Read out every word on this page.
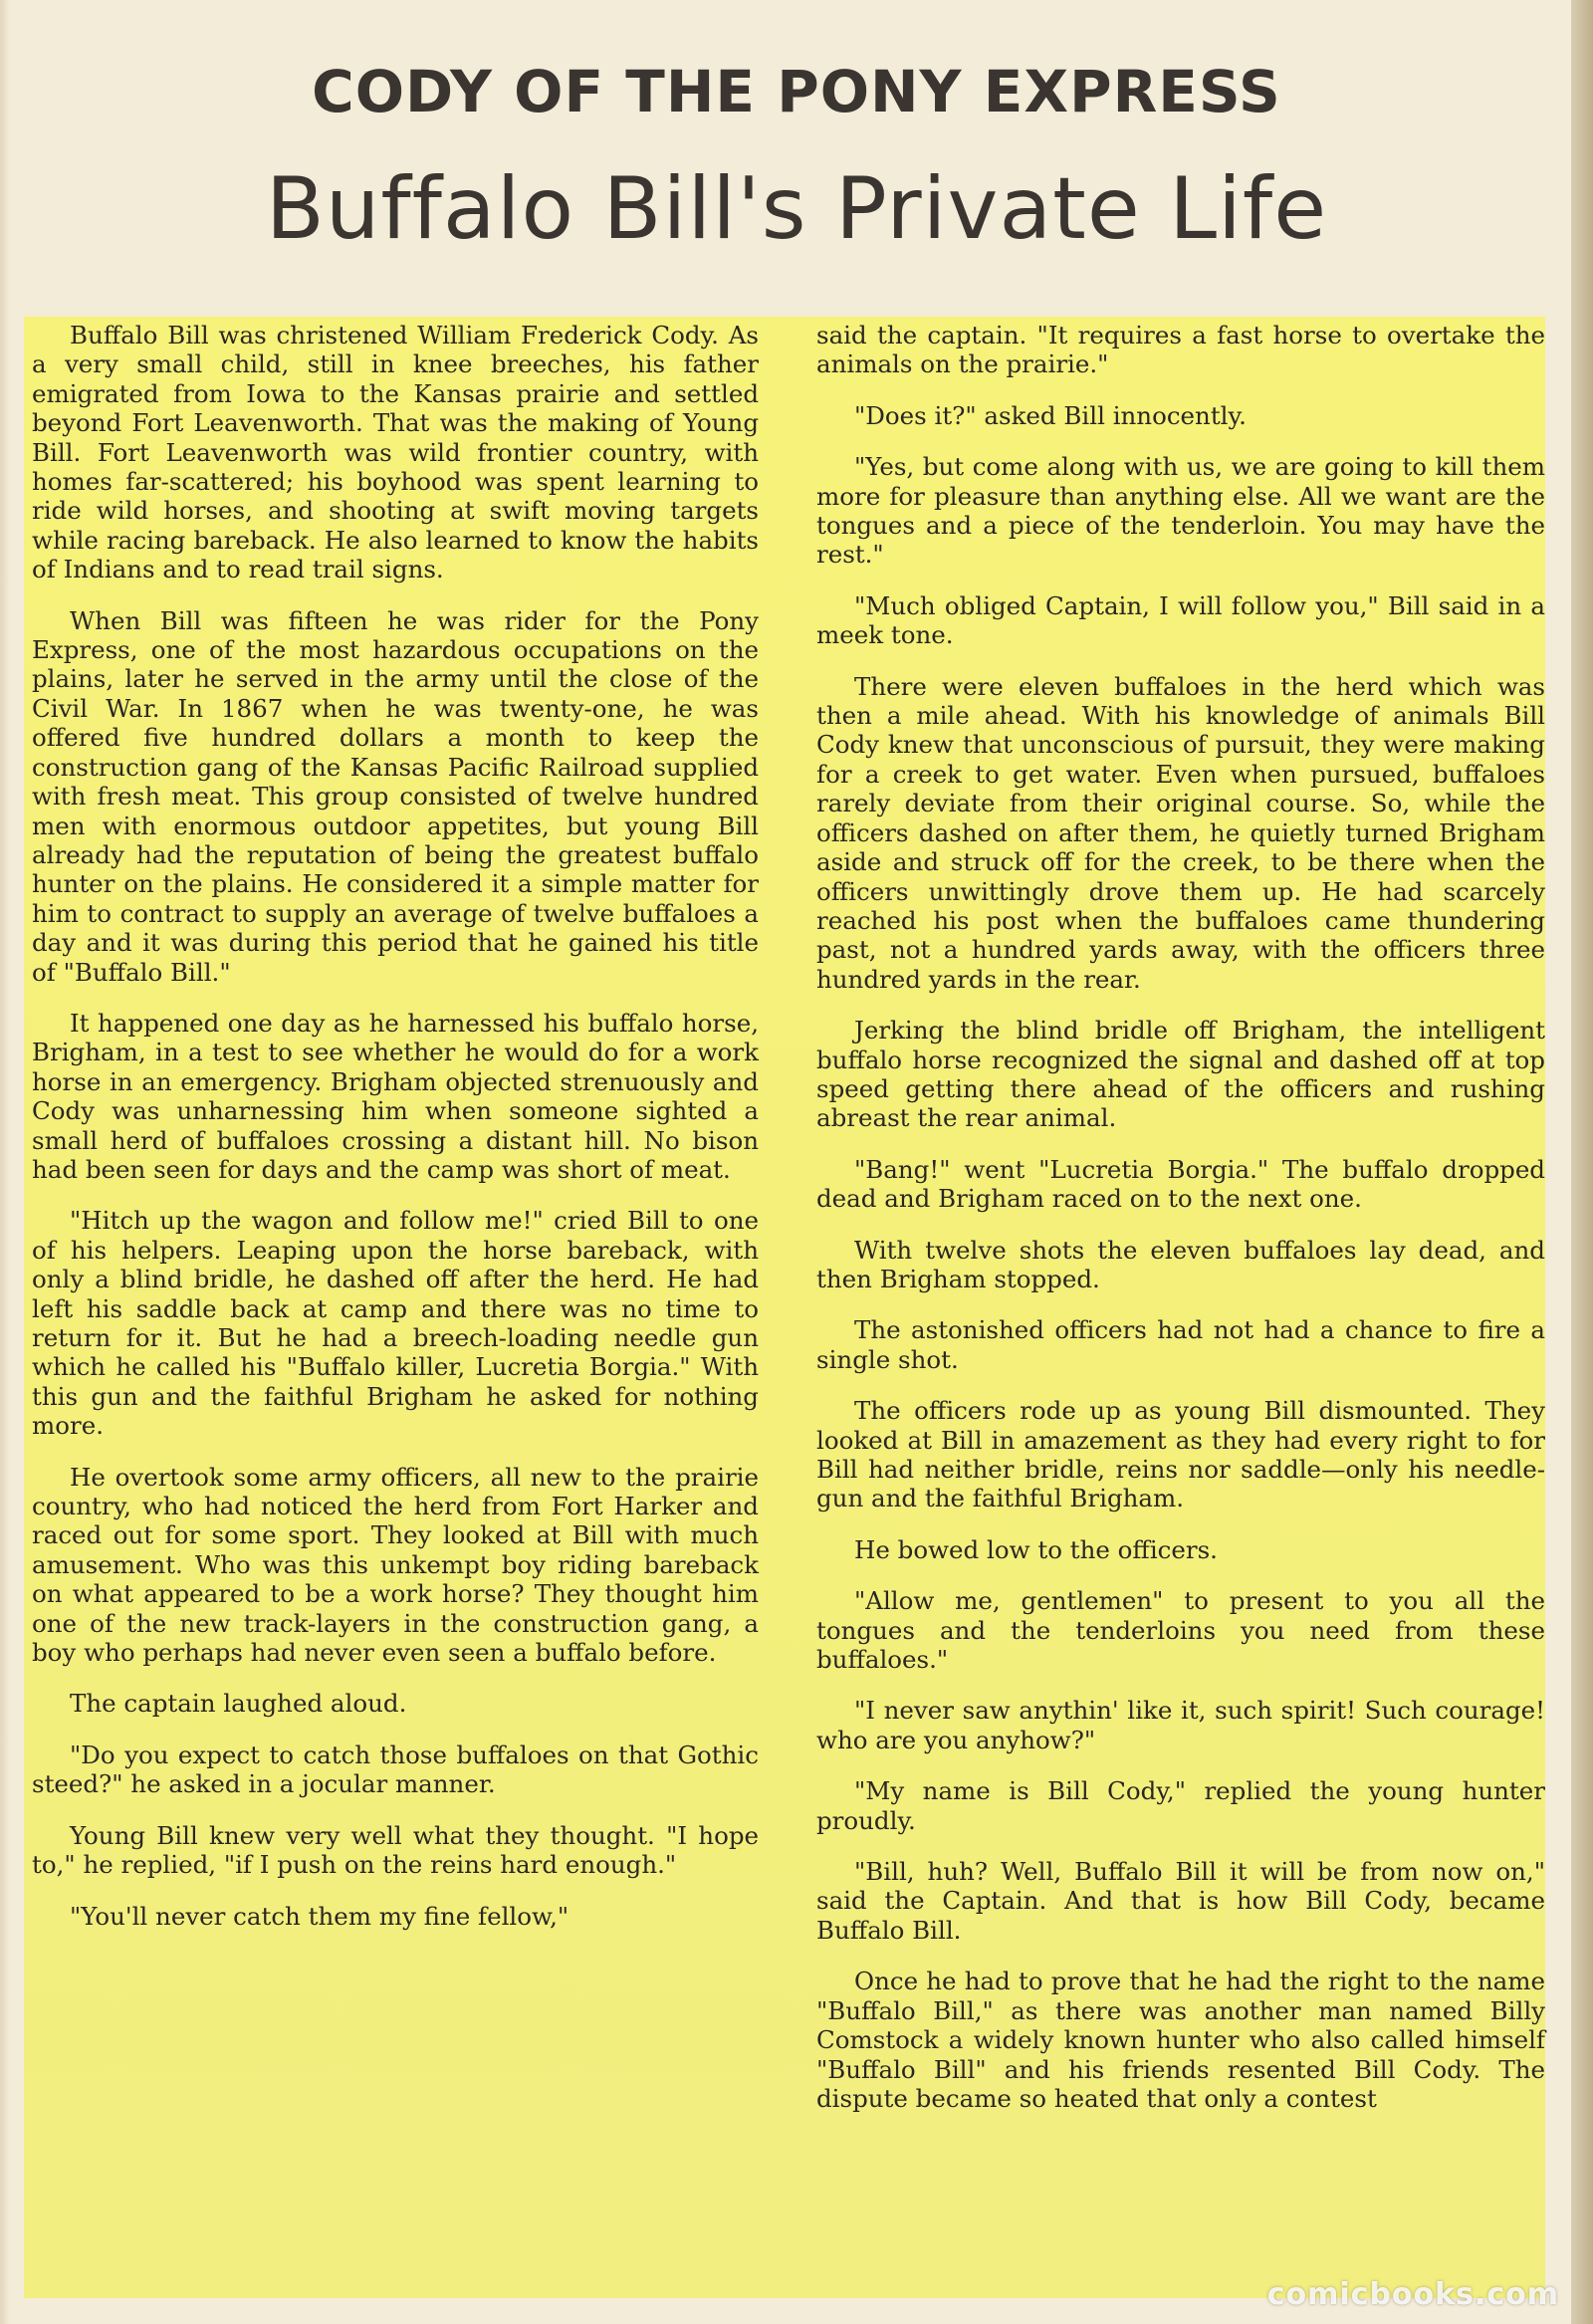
CODY OF THE PONY EXPRESS
Buffalo Bill's Private Life

Buffalo Bill was christened William Frederick Cody. As a very small child, still in knee breeches, his father emigrated from Iowa to the Kansas prairie and settled beyond Fort Leavenworth. That was the making of Young Bill. Fort Leavenworth was wild frontier country, with homes far-scattered; his boyhood was spent learning to ride wild horses, and shooting at swift moving targets while racing bareback. He also learned to know the habits of Indians and to read trail signs.

When Bill was fifteen he was rider for the Pony Express, one of the most hazardous occupations on the plains, later he served in the army until the close of the Civil War. In 1867 when he was twenty-one, he was offered five hundred dollars a month to keep the construction gang of the Kansas Pacific Railroad supplied with fresh meat. This group consisted of twelve hundred men with enormous outdoor appetites, but young Bill already had the reputation of being the greatest buffalo hunter on the plains. He considered it a simple matter for him to contract to supply an average of twelve buffaloes a day and it was during this period that he gained his title of "Buffalo Bill."

It happened one day as he harnessed his buffalo horse, Brigham, in a test to see whether he would do for a work horse in an emergency. Brigham objected strenuously and Cody was unharnessing him when someone sighted a small herd of buffaloes crossing a distant hill. No bison had been seen for days and the camp was short of meat.

"Hitch up the wagon and follow me!" cried Bill to one of his helpers. Leaping upon the horse bareback, with only a blind bridle, he dashed off after the herd. He had left his saddle back at camp and there was no time to return for it. But he had a breech-loading needle gun which he called his "Buffalo killer, Lucretia Borgia." With this gun and the faithful Brigham he asked for nothing more.

He overtook some army officers, all new to the prairie country, who had noticed the herd from Fort Harker and raced out for some sport. They looked at Bill with much amusement. Who was this unkempt boy riding bareback on what appeared to be a work horse? They thought him one of the new track-layers in the construction gang, a boy who perhaps had never even seen a buffalo before.

The captain laughed aloud.

"Do you expect to catch those buffaloes on that Gothic steed?" he asked in a jocular manner.

Young Bill knew very well what they thought. "I hope to," he replied, "if I push on the reins hard enough."

"You'll never catch them my fine fellow,"

said the captain. "It requires a fast horse to overtake the animals on the prairie."

"Does it?" asked Bill innocently.

"Yes, but come along with us, we are going to kill them more for pleasure than anything else. All we want are the tongues and a piece of the tenderloin. You may have the rest."

"Much obliged Captain, I will follow you," Bill said in a meek tone.

There were eleven buffaloes in the herd which was then a mile ahead. With his knowledge of animals Bill Cody knew that unconscious of pursuit, they were making for a creek to get water. Even when pursued, buffaloes rarely deviate from their original course. So, while the officers dashed on after them, he quietly turned Brigham aside and struck off for the creek, to be there when the officers unwittingly drove them up. He had scarcely reached his post when the buffaloes came thundering past, not a hundred yards away, with the officers three hundred yards in the rear.

Jerking the blind bridle off Brigham, the intelligent buffalo horse recognized the signal and dashed off at top speed getting there ahead of the officers and rushing abreast the rear animal.

"Bang!" went "Lucretia Borgia." The buffalo dropped dead and Brigham raced on to the next one.

With twelve shots the eleven buffaloes lay dead, and then Brigham stopped.

The astonished officers had not had a chance to fire a single shot.

The officers rode up as young Bill dismounted. They looked at Bill in amazement as they had every right to for Bill had neither bridle, reins nor saddle—only his needle-gun and the faithful Brigham.

He bowed low to the officers.

"Allow me, gentlemen" to present to you all the tongues and the tenderloins you need from these buffaloes."

"I never saw anythin' like it, such spirit! Such courage! who are you anyhow?"

"My name is Bill Cody," replied the young hunter proudly.

"Bill, huh? Well, Buffalo Bill it will be from now on," said the Captain. And that is how Bill Cody, became Buffalo Bill.

Once he had to prove that he had the right to the name "Buffalo Bill," as there was another man named Billy Comstock a widely known hunter who also called himself "Buffalo Bill" and his friends resented Bill Cody. The dispute became so heated that only a contest

comicbooks.com
